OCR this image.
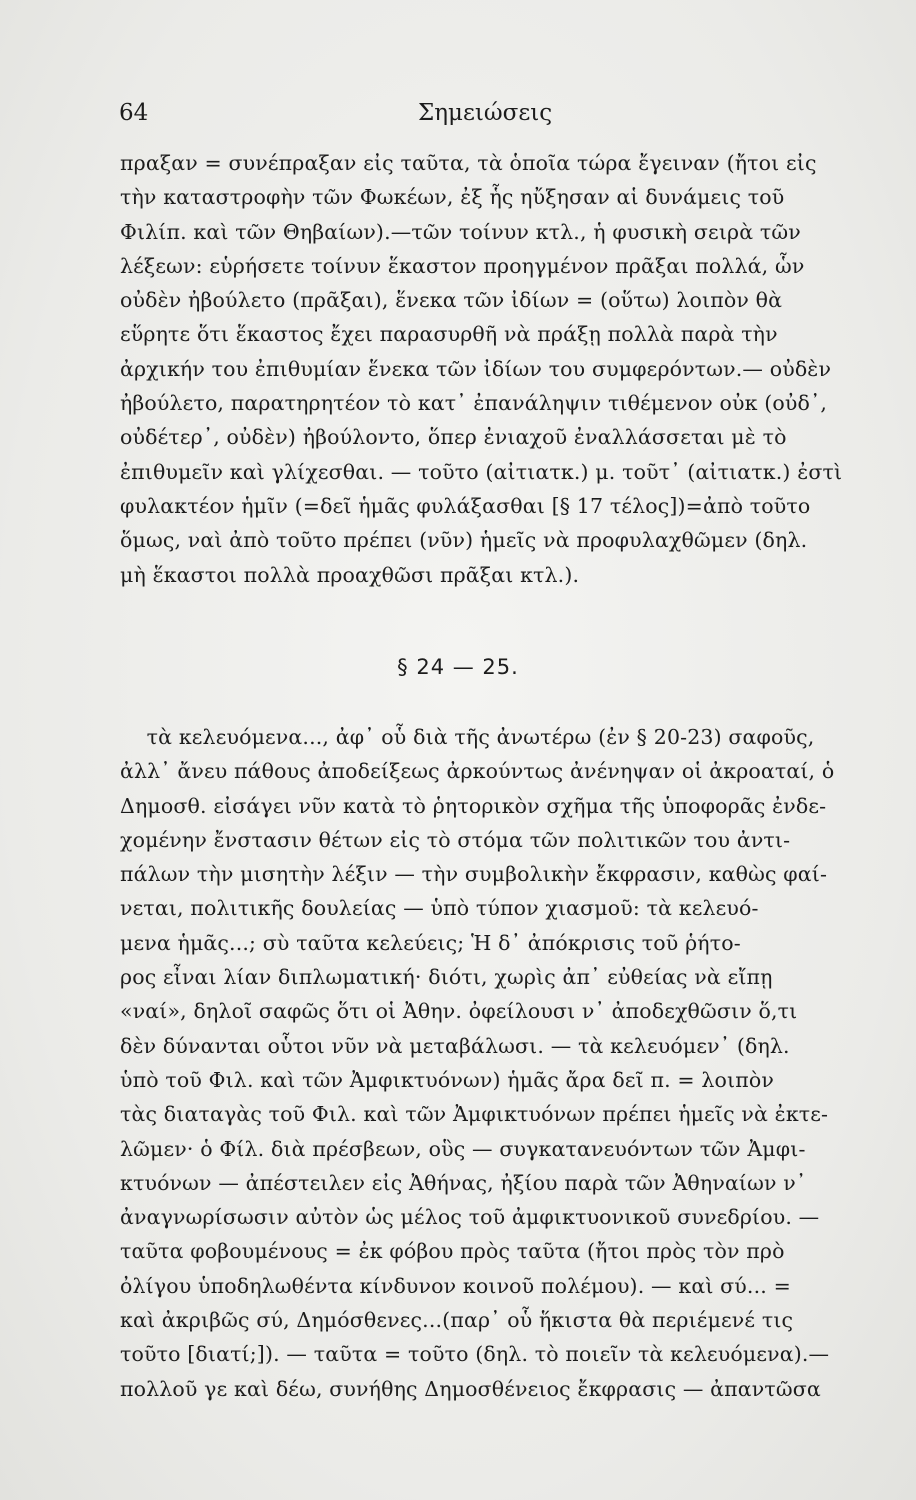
64	Σημειώσεις
πραξαν = συνέπραξαν εἰς ταῦτα, τὰ ὁποῖα τώρα ἔγειναν (ἤτοι εἰς
τὴν καταστροφὴν τῶν Φωκέων, ἐξ ἧς ηὔξησαν αἱ δυνάμεις τοῦ
Φιλίπ. καὶ τῶν Θηβαίων).—τῶν τοίνυν κτλ., ἡ φυσικὴ σειρὰ τῶν
λέξεων: εὑρήσετε τοίνυν ἕκαστον προηγμένον πρᾶξαι πολλά, ὧν
οὐδὲν ἠβούλετο (πρᾶξαι), ἕνεκα τῶν ἰδίων = (οὕτω) λοιπὸν θὰ
εὕρητε ὅτι ἕκαστος ἔχει παρασυρθῆ νὰ πράξῃ πολλὰ παρὰ τὴν
ἀρχικήν του ἐπιθυμίαν ἕνεκα τῶν ἰδίων του συμφερόντων.— οὐδὲν
ἠβούλετο, παρατηρητέον τὸ κατ᾽ ἐπανάληψιν τιθέμενον οὐκ (οὐδ᾽,
οὐδέτερ᾽, οὐδὲν) ἠβούλοντο, ὅπερ ἐνιαχοῦ ἐναλλάσσεται μὲ τὸ
ἐπιθυμεῖν καὶ γλίχεσθαι. — τοῦτο (αἰτιατκ.) μ. τοῦτ᾽ (αἰτιατκ.) ἐστὶ
φυλακτέον ἡμῖν (=δεῖ ἡμᾶς φυλάξασθαι [§ 17 τέλος])=ἀπὸ τοῦτο
ὅμως, ναὶ ἀπὸ τοῦτο πρέπει (νῦν) ἡμεῖς νὰ προφυλαχθῶμεν (δηλ.
μὴ ἕκαστοι πολλὰ προαχθῶσι πρᾶξαι κτλ.).
§ 24 — 25.
τὰ κελευόμενα..., ἀφ᾽ οὗ διὰ τῆς ἀνωτέρω (ἐν § 20-23) σαφοῦς,
ἀλλ᾽ ἄνευ πάθους ἀποδείξεως ἀρκούντως ἀνένηψαν οἱ ἀκροαταί, ὁ
Δημοσθ. εἰσάγει νῦν κατὰ τὸ ῥητορικὸν σχῆμα τῆς ὑποφορᾶς ἐνδε-
χομένην ἔνστασιν θέτων εἰς τὸ στόμα τῶν πολιτικῶν του ἀντι-
πάλων τὴν μισητὴν λέξιν — τὴν συμβολικὴν ἔκφρασιν, καθὼς φαί-
νεται, πολιτικῆς δουλείας — ὑπὸ τύπον χιασμοῦ: τὰ κελευό-
μενα ἡμᾶς...; σὺ ταῦτα κελεύεις; Ἡ δ᾽ ἀπόκρισις τοῦ ῥήτο-
ρος εἶναι λίαν διπλωματική· διότι, χωρὶς ἀπ᾽ εὐθείας νὰ εἴπῃ
«ναί», δηλοῖ σαφῶς ὅτι οἱ Ἀθην. ὀφείλουσι ν᾽ ἀποδεχθῶσιν ὅ,τι
δὲν δύνανται οὗτοι νῦν νὰ μεταβάλωσι. — τὰ κελευόμεν᾽ (δηλ.
ὑπὸ τοῦ Φιλ. καὶ τῶν Ἀμφικτυόνων) ἡμᾶς ἄρα δεῖ π. = λοιπὸν
τὰς διαταγὰς τοῦ Φιλ. καὶ τῶν Ἀμφικτυόνων πρέπει ἡμεῖς νὰ ἐκτε-
λῶμεν· ὁ Φίλ. διὰ πρέσβεων, οὓς — συγκατανευόντων τῶν Ἀμφι-
κτυόνων — ἀπέστειλεν εἰς Ἀθήνας, ἠξίου παρὰ τῶν Ἀθηναίων ν᾽
ἀναγνωρίσωσιν αὐτὸν ὡς μέλος τοῦ ἀμφικτυονικοῦ συνεδρίου. —
ταῦτα φοβουμένους = ἐκ φόβου πρὸς ταῦτα (ἤτοι πρὸς τὸν πρὸ
ὀλίγου ὑποδηλωθέντα κίνδυνον κοινοῦ πολέμου). — καὶ σύ... =
καὶ ἀκριβῶς σύ, Δημόσθενες...(παρ᾽ οὗ ἥκιστα θὰ περιέμενέ τις
τοῦτο [διατί;]). — ταῦτα = τοῦτο (δηλ. τὸ ποιεῖν τὰ κελευόμενα).—
πολλοῦ γε καὶ δέω, συνήθης Δημοσθένειος ἔκφρασις — ἀπαντῶσα
